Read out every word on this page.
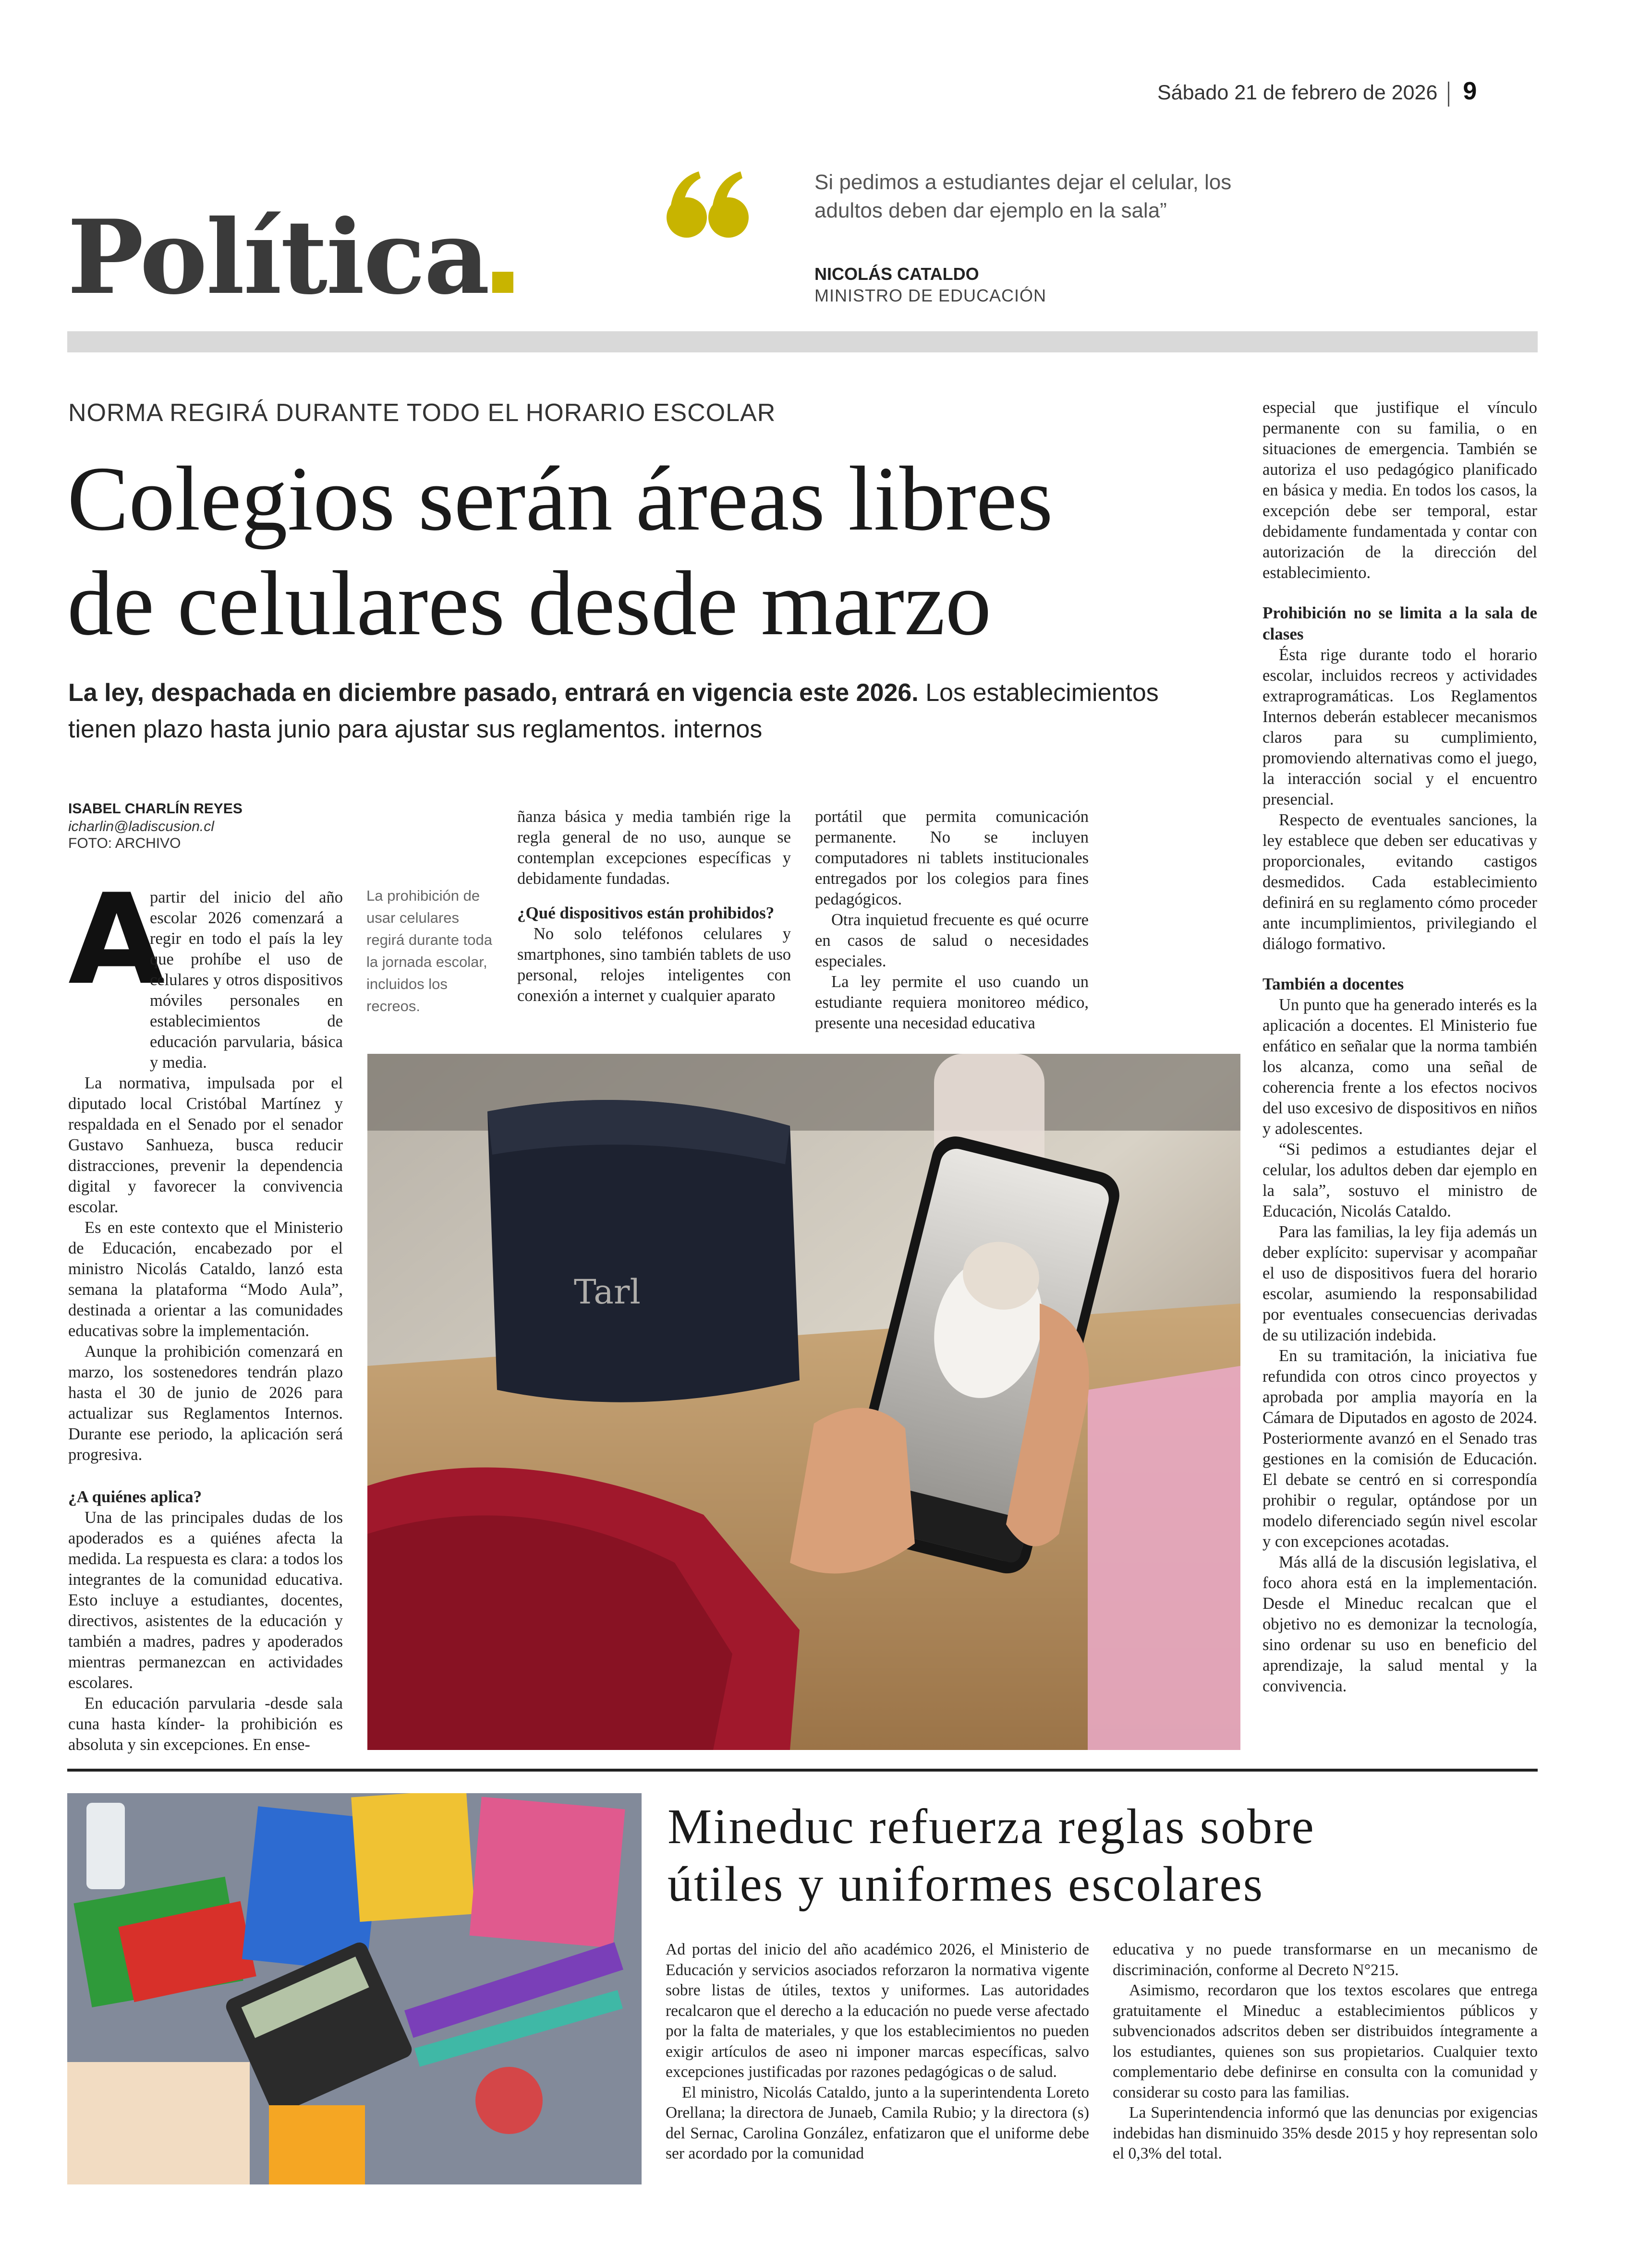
Sábado 21 de febrero de 2026 9
Política
Si pedimos a estudiantes dejar el celular, los adultos deben dar ejemplo en la sala”
NICOLÁS CATALDO
MINISTRO DE EDUCACIÓN
NORMA REGIRÁ DURANTE TODO EL HORARIO ESCOLAR
Colegios serán áreas libres
de celulares desde marzo
La ley, despachada en diciembre pasado, entrará en vigencia este 2026. Los establecimientos tienen plazo hasta junio para ajustar sus reglamentos. internos
ISABEL CHARLÍN REYES
icharlin@ladiscusion.cl
FOTO: ARCHIVO
A

partir del inicio del año escolar 2026 comenzará a regir en todo el país la ley que prohíbe el uso de celulares y otros dispositivos móviles personales en establecimientos de educación parvularia, básica y media.

La normativa, impulsada por el diputado local Cristóbal Martínez y respaldada en el Senado por el senador Gustavo Sanhueza, busca reducir distracciones, prevenir la dependencia digital y favorecer la convivencia escolar.

Es en este contexto que el Ministerio de Educación, encabezado por el ministro Nicolás Cataldo, lanzó esta semana la plataforma “Modo Aula”, destinada a orientar a las comunidades educativas sobre la implementación.

Aunque la prohibición comenzará en marzo, los sostenedores tendrán plazo hasta el 30 de junio de 2026 para actualizar sus Reglamentos Internos. Durante ese periodo, la aplicación será progresiva.

¿A quiénes aplica?

Una de las principales dudas de los apoderados es a quiénes afecta la medida. La respuesta es clara: a todos los integrantes de la comunidad educativa. Esto incluye a estudiantes, docentes, directivos, asistentes de la educación y también a madres, padres y apoderados mientras permanezcan en actividades escolares.

En educación parvularia -desde sala cuna hasta kínder- la prohibición es absoluta y sin excepciones. En ense-

La prohibición de usar celulares regirá durante toda la jornada escolar, incluidos los recreos.

ñanza básica y media también rige la regla general de no uso, aunque se contemplan excepciones específicas y debidamente fundadas.

¿Qué dispositivos están prohibidos?

No solo teléfonos celulares y smartphones, sino también tablets de uso personal, relojes inteligentes con conexión a internet y cualquier aparato

portátil que permita comunicación permanente. No se incluyen computadores ni tablets institucionales entregados por los colegios para fines pedagógicos.

Otra inquietud frecuente es qué ocurre en casos de salud o necesidades especiales.

La ley permite el uso cuando un estudiante requiera monitoreo médico, presente una necesidad educativa

especial que justifique el vínculo permanente con su familia, o en situaciones de emergencia. También se autoriza el uso pedagógico planificado en básica y media. En todos los casos, la excepción debe ser temporal, estar debidamente fundamentada y contar con autorización de la dirección del establecimiento.

Prohibición no se limita a la sala de clases

Ésta rige durante todo el horario escolar, incluidos recreos y actividades extraprogramáticas. Los Reglamentos Internos deberán establecer mecanismos claros para su cumplimiento, promoviendo alternativas como el juego, la interacción social y el encuentro presencial.

Respecto de eventuales sanciones, la ley establece que deben ser educativas y proporcionales, evitando castigos desmedidos. Cada establecimiento definirá en su reglamento cómo proceder ante incumplimientos, privilegiando el diálogo formativo.

También a docentes

Un punto que ha generado interés es la aplicación a docentes. El Ministerio fue enfático en señalar que la norma también los alcanza, como una señal de coherencia frente a los efectos nocivos del uso excesivo de dispositivos en niños y adolescentes.

“Si pedimos a estudiantes dejar el celular, los adultos deben dar ejemplo en la sala”, sostuvo el ministro de Educación, Nicolás Cataldo.

Para las familias, la ley fija además un deber explícito: supervisar y acompañar el uso de dispositivos fuera del horario escolar, asumiendo la responsabilidad por eventuales consecuencias derivadas de su utilización indebida.

En su tramitación, la iniciativa fue refundida con otros cinco proyectos y aprobada por amplia mayoría en la Cámara de Diputados en agosto de 2024. Posteriormente avanzó en el Senado tras gestiones en la comisión de Educación. El debate se centró en si correspondía prohibir o regular, optándose por un modelo diferenciado según nivel escolar y con excepciones acotadas.

Más allá de la discusión legislativa, el foco ahora está en la implementación. Desde el Mineduc recalcan que el objetivo no es demonizar la tecnología, sino ordenar su uso en beneficio del aprendizaje, la salud mental y la convivencia.

Tarl
Mineduc refuerza reglas sobre
útiles y uniformes escolares

Ad portas del inicio del año académico 2026, el Ministerio de Educación y servicios asociados reforzaron la normativa vigente sobre listas de útiles, textos y uniformes. Las autoridades recalcaron que el derecho a la educación no puede verse afectado por la falta de materiales, y que los establecimientos no pueden exigir artículos de aseo ni imponer marcas específicas, salvo excepciones justificadas por razones pedagógicas o de salud.

El ministro, Nicolás Cataldo, junto a la superintendenta Loreto Orellana; la directora de Junaeb, Camila Rubio; y la directora (s) del Sernac, Carolina González, enfatizaron que el uniforme debe ser acordado por la comunidad

educativa y no puede transformarse en un mecanismo de discriminación, conforme al Decreto N°215.

Asimismo, recordaron que los textos escolares que entrega gratuitamente el Mineduc a establecimientos públicos y subvencionados adscritos deben ser distribuidos íntegramente a los estudiantes, quienes son sus propietarios. Cualquier texto complementario debe definirse en consulta con la comunidad y considerar su costo para las familias.

La Superintendencia informó que las denuncias por exigencias indebidas han disminuido 35% desde 2015 y hoy representan solo el 0,3% del total.
